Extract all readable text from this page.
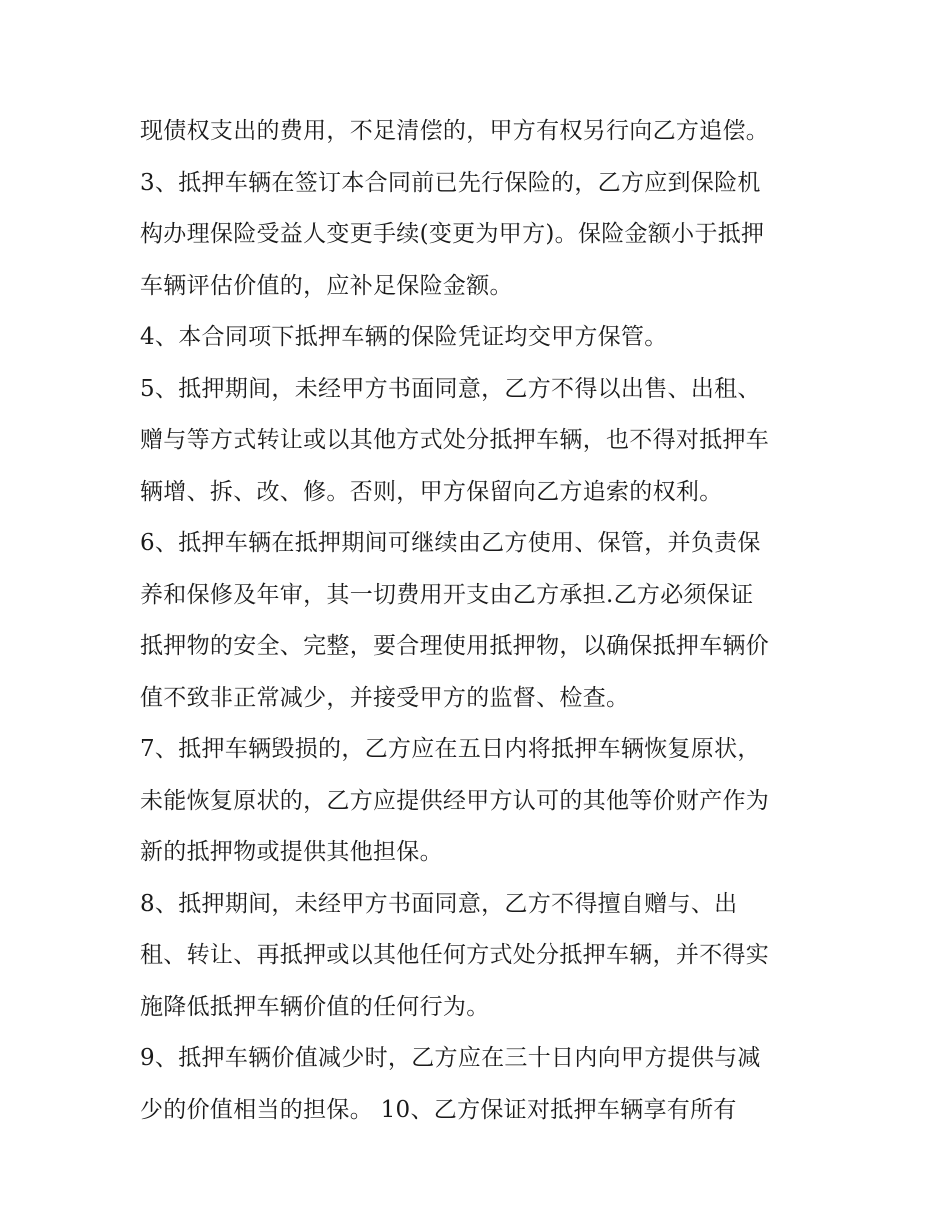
现债权支出的费用，不足清偿的，甲方有权另行向乙方追偿。
3、抵押车辆在签订本合同前已先行保险的，乙方应到保险机
构办理保险受益人变更手续(变更为甲方)。保险金额小于抵押
车辆评估价值的，应补足保险金额。
4、本合同项下抵押车辆的保险凭证均交甲方保管。
5、抵押期间，未经甲方书面同意，乙方不得以出售、出租、
赠与等方式转让或以其他方式处分抵押车辆，也不得对抵押车
辆增、拆、改、修。否则，甲方保留向乙方追索的权利。
6、抵押车辆在抵押期间可继续由乙方使用、保管，并负责保
养和保修及年审，其一切费用开支由乙方承担.乙方必须保证
抵押物的安全、完整，要合理使用抵押物，以确保抵押车辆价
值不致非正常减少，并接受甲方的监督、检查。
7、抵押车辆毁损的，乙方应在五日内将抵押车辆恢复原状，
未能恢复原状的，乙方应提供经甲方认可的其他等价财产作为
新的抵押物或提供其他担保。
8、抵押期间，未经甲方书面同意，乙方不得擅自赠与、出
租、转让、再抵押或以其他任何方式处分抵押车辆，并不得实
施降低抵押车辆价值的任何行为。
9、抵押车辆价值减少时，乙方应在三十日内向甲方提供与减
少的价值相当的担保。 10、乙方保证对抵押车辆享有所有
